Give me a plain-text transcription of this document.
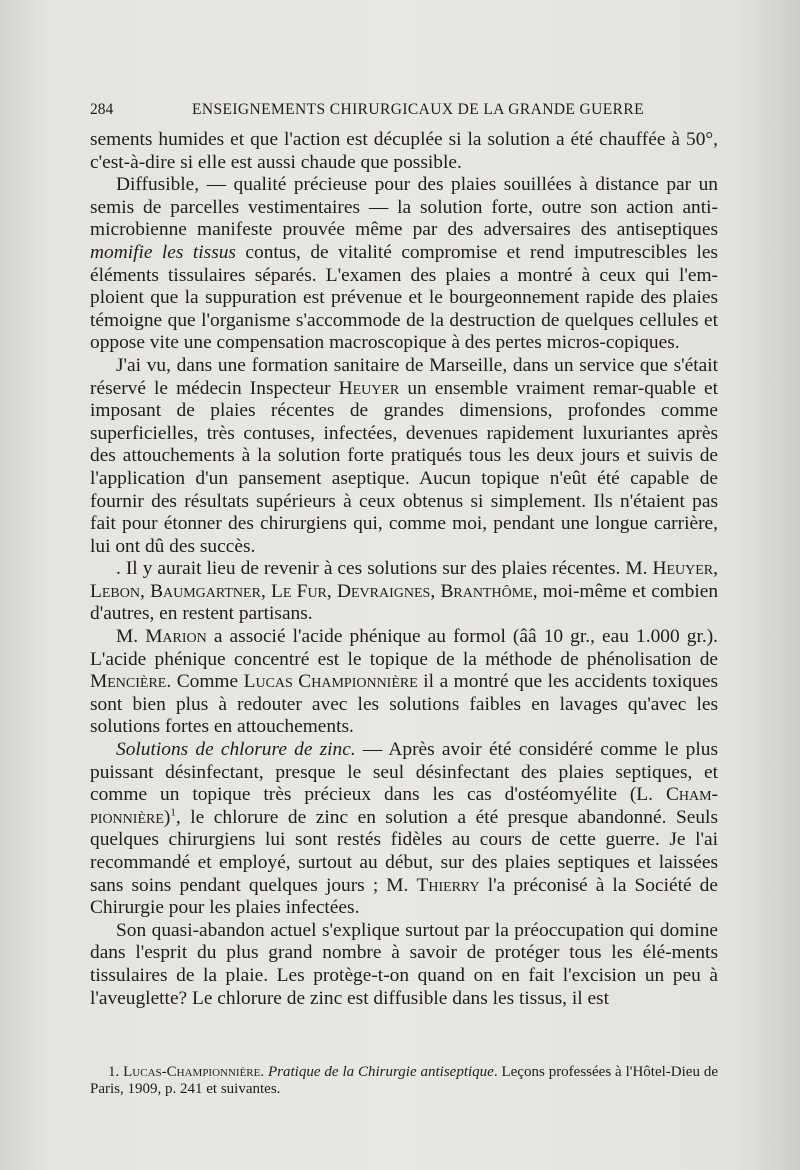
284	ENSEIGNEMENTS CHIRURGICAUX DE LA GRANDE GUERRE

sements humides et que l'action est décuplée si la solution a été chauffée à 50°, c'est-à-dire si elle est aussi chaude que possible.

Diffusible, — qualité précieuse pour des plaies souillées à distance par un semis de parcelles vestimentaires — la solution forte, outre son action anti-microbienne manifeste prouvée même par des adversaires des antiseptiques momifie les tissus contus, de vitalité compromise et rend imputrescibles les éléments tissulaires séparés. L'examen des plaies a montré à ceux qui l'em-ploient que la suppuration est prévenue et le bourgeonnement rapide des plaies témoigne que l'organisme s'accommode de la destruction de quelques cellules et oppose vite une compensation macroscopique à des pertes micros-copiques.

J'ai vu, dans une formation sanitaire de Marseille, dans un service que s'était réservé le médecin Inspecteur Heuyer un ensemble vraiment remar-quable et imposant de plaies récentes de grandes dimensions, profondes comme superficielles, très contuses, infectées, devenues rapidement luxuriantes après des attouchements à la solution forte pratiqués tous les deux jours et suivis de l'application d'un pansement aseptique. Aucun topique n'eût été capable de fournir des résultats supérieurs à ceux obtenus si simplement. Ils n'étaient pas fait pour étonner des chirurgiens qui, comme moi, pendant une longue carrière, lui ont dû des succès.

. Il y aurait lieu de revenir à ces solutions sur des plaies récentes. M. Heuyer, Lebon, Baumgartner, Le Fur, Devraignes, Branthôme, moi-même et combien d'autres, en restent partisans.

M. Marion a associé l'acide phénique au formol (ââ 10 gr., eau 1.000 gr.). L'acide phénique concentré est le topique de la méthode de phénolisation de Mencière. Comme Lucas Championnière il a montré que les accidents toxiques sont bien plus à redouter avec les solutions faibles en lavages qu'avec les solutions fortes en attouchements.

Solutions de chlorure de zinc. — Après avoir été considéré comme le plus puissant désinfectant, presque le seul désinfectant des plaies septiques, et comme un topique très précieux dans les cas d'ostéomyélite (L. Cham-pionnière)$^1$, le chlorure de zinc en solution a été presque abandonné. Seuls quelques chirurgiens lui sont restés fidèles au cours de cette guerre. Je l'ai recommandé et employé, surtout au début, sur des plaies septiques et laissées sans soins pendant quelques jours ; M. Thierry l'a préconisé à la Société de Chirurgie pour les plaies infectées.

Son quasi-abandon actuel s'explique surtout par la préoccupation qui domine dans l'esprit du plus grand nombre à savoir de protéger tous les élé-ments tissulaires de la plaie. Les protège-t-on quand on en fait l'excision un peu à l'aveuglette? Le chlorure de zinc est diffusible dans les tissus, il est

1. Lucas-Championnière. Pratique de la Chirurgie antiseptique. Leçons professées à l'Hôtel-Dieu de Paris, 1909, p. 241 et suivantes.
